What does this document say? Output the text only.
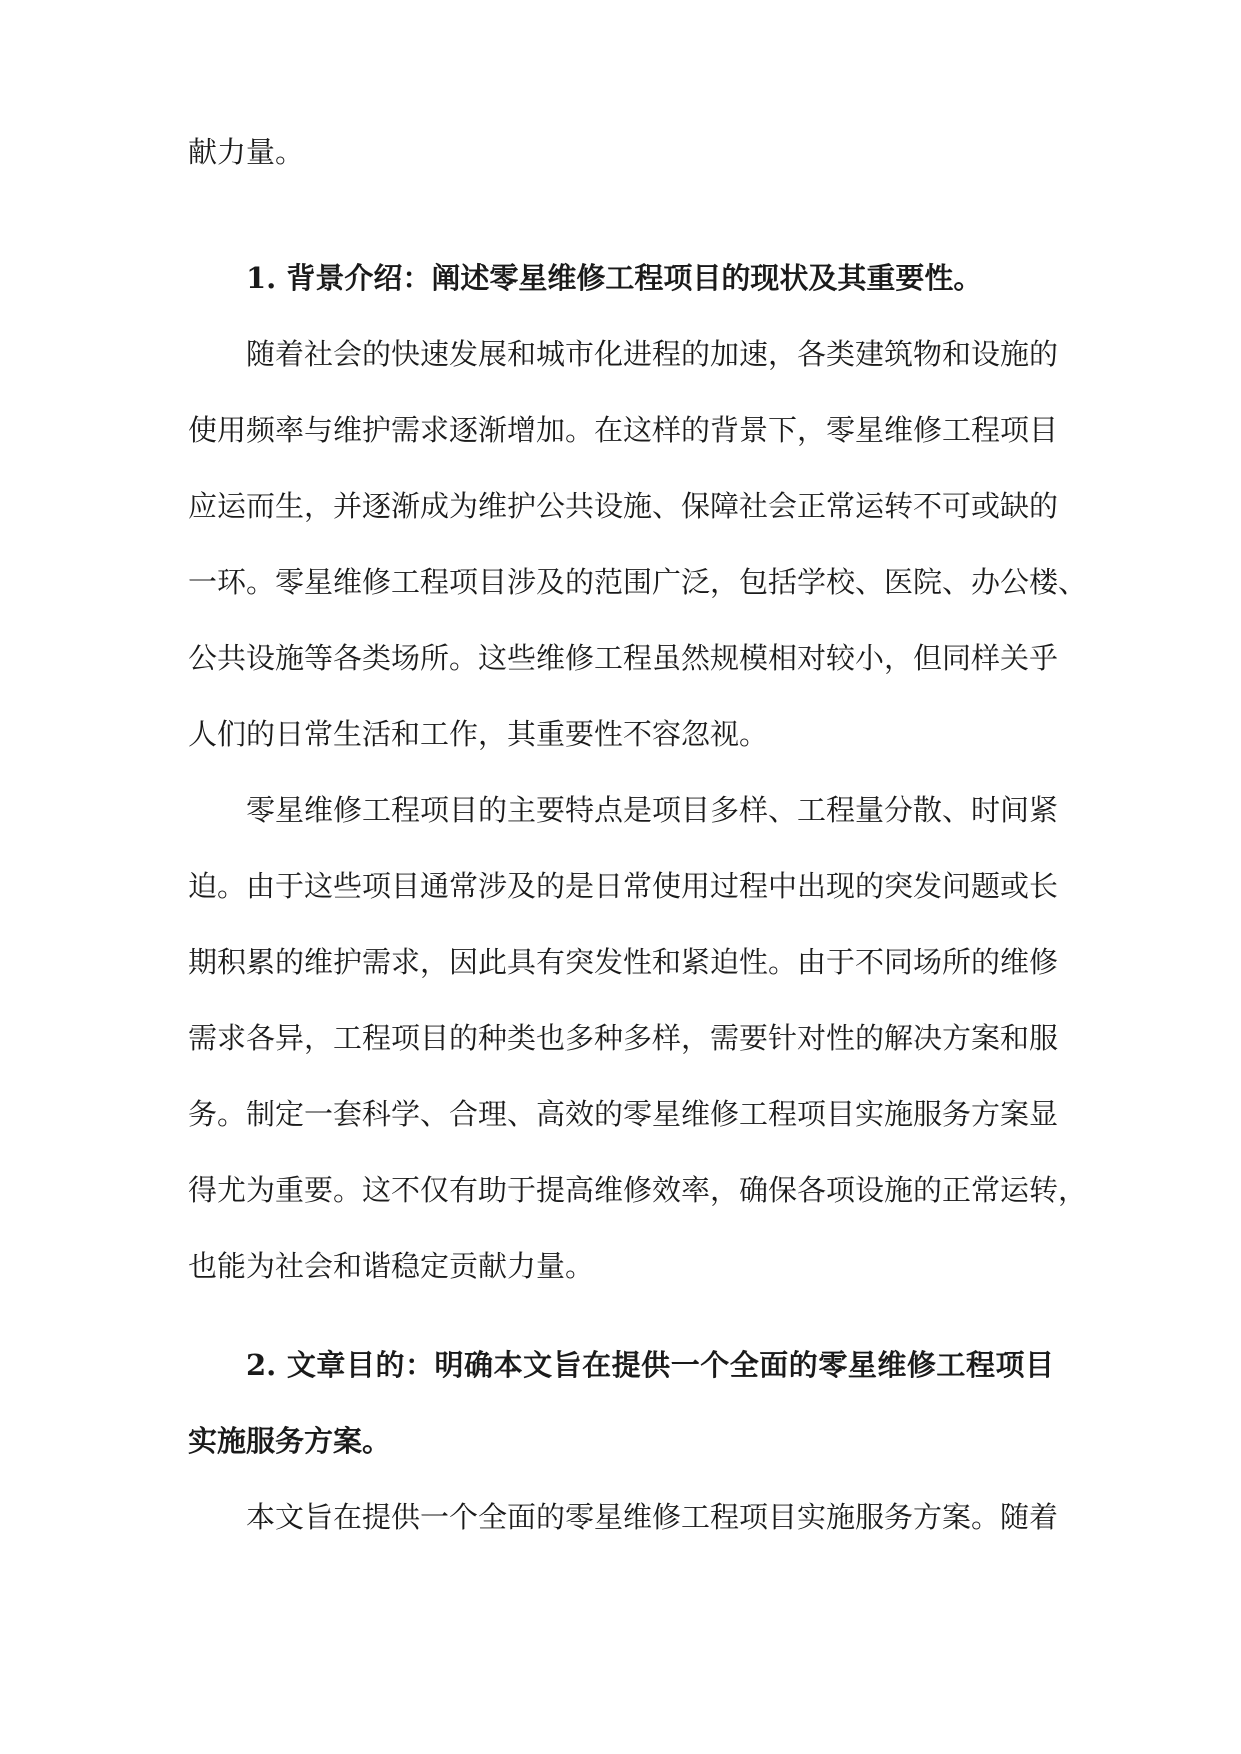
献力量。
1. 背景介绍：阐述零星维修工程项目的现状及其重要性。
随着社会的快速发展和城市化进程的加速，各类建筑物和设施的
使用频率与维护需求逐渐增加。在这样的背景下，零星维修工程项目
应运而生，并逐渐成为维护公共设施、保障社会正常运转不可或缺的
一环。零星维修工程项目涉及的范围广泛，包括学校、医院、办公楼、
公共设施等各类场所。这些维修工程虽然规模相对较小，但同样关乎
人们的日常生活和工作，其重要性不容忽视。
零星维修工程项目的主要特点是项目多样、工程量分散、时间紧
迫。由于这些项目通常涉及的是日常使用过程中出现的突发问题或长
期积累的维护需求，因此具有突发性和紧迫性。由于不同场所的维修
需求各异，工程项目的种类也多种多样，需要针对性的解决方案和服
务。制定一套科学、合理、高效的零星维修工程项目实施服务方案显
得尤为重要。这不仅有助于提高维修效率，确保各项设施的正常运转，
也能为社会和谐稳定贡献力量。
2. 文章目的：明确本文旨在提供一个全面的零星维修工程项目
实施服务方案。
本文旨在提供一个全面的零星维修工程项目实施服务方案。随着
